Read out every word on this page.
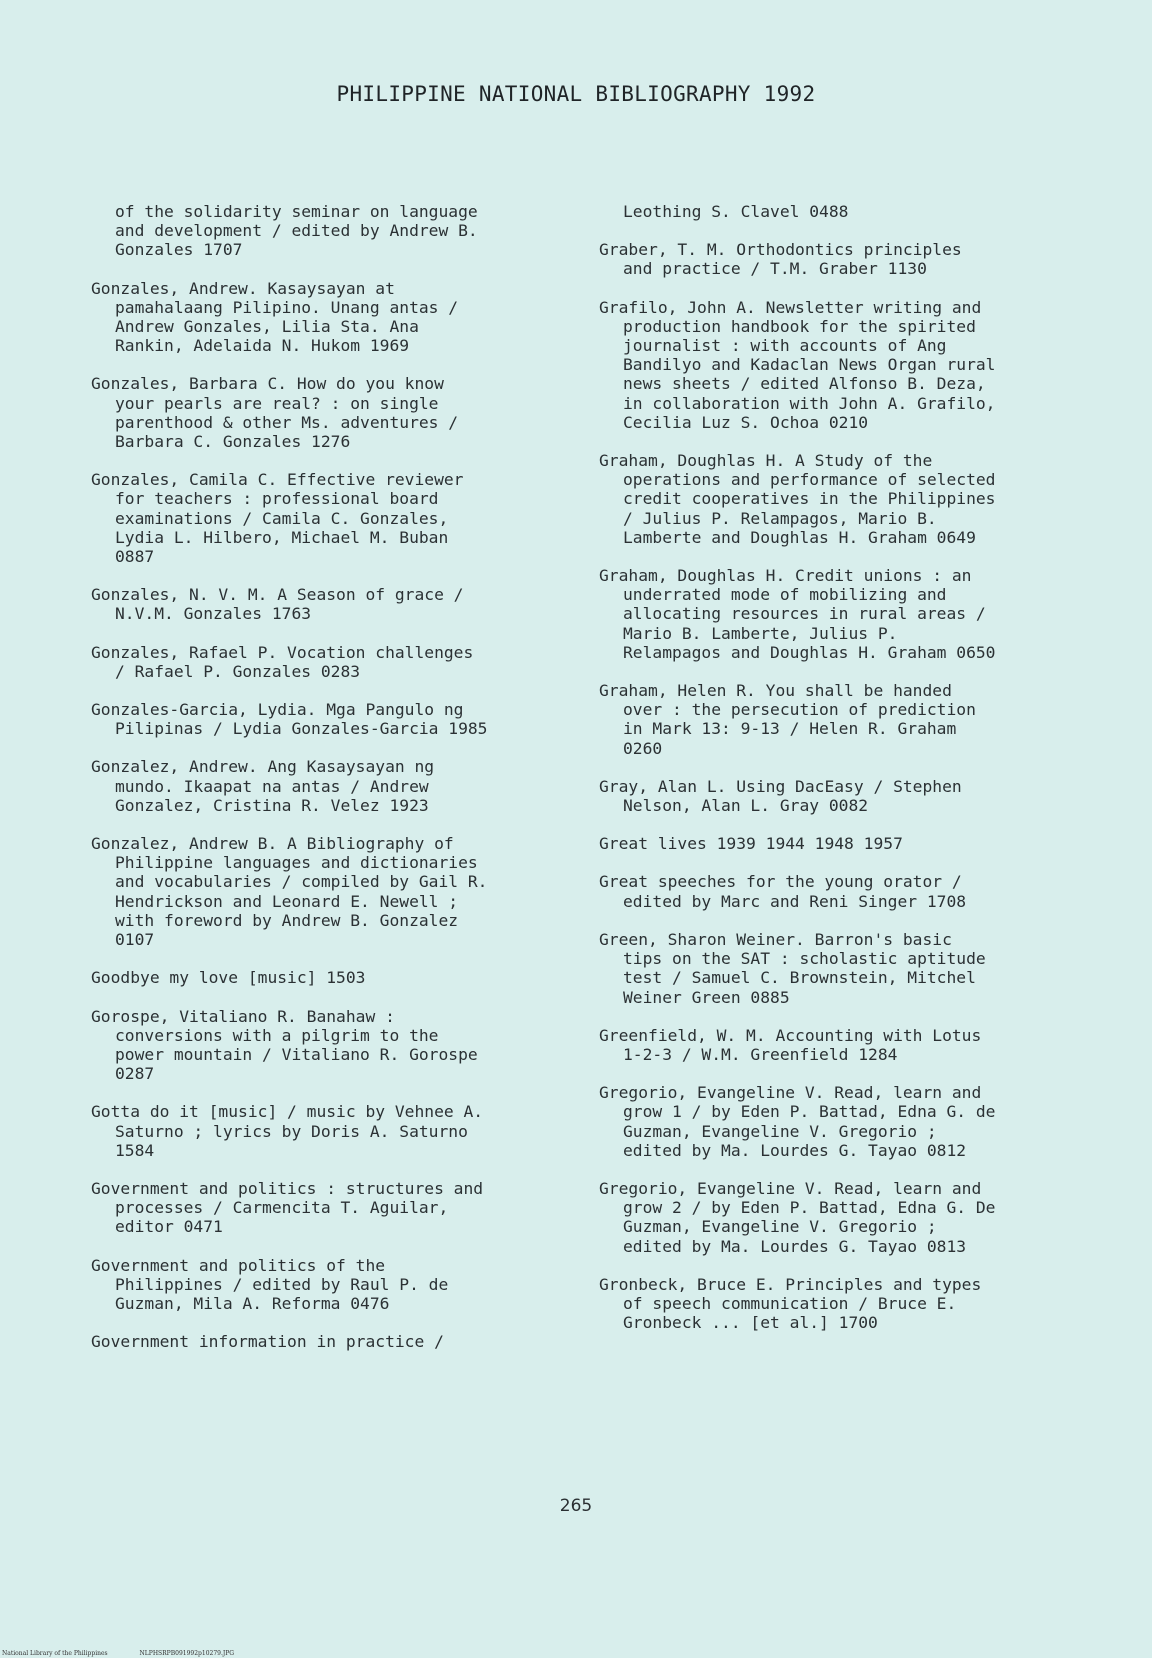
PHILIPPINE NATIONAL BIBLIOGRAPHY 1992

of the solidarity seminar on language
and development / edited by Andrew B.
Gonzales 1707

Gonzales, Andrew. Kasaysayan at
pamahalaang Pilipino. Unang antas /
Andrew Gonzales, Lilia Sta. Ana
Rankin, Adelaida N. Hukom 1969

Gonzales, Barbara C. How do you know
your pearls are real? : on single
parenthood & other Ms. adventures /
Barbara C. Gonzales 1276

Gonzales, Camila C. Effective reviewer
for teachers : professional board
examinations / Camila C. Gonzales,
Lydia L. Hilbero, Michael M. Buban
0887

Gonzales, N. V. M. A Season of grace /
N.V.M. Gonzales 1763

Gonzales, Rafael P. Vocation challenges
/ Rafael P. Gonzales 0283

Gonzales-Garcia, Lydia. Mga Pangulo ng
Pilipinas / Lydia Gonzales-Garcia 1985

Gonzalez, Andrew. Ang Kasaysayan ng
mundo. Ikaapat na antas / Andrew
Gonzalez, Cristina R. Velez 1923

Gonzalez, Andrew B. A Bibliography of
Philippine languages and dictionaries
and vocabularies / compiled by Gail R.
Hendrickson and Leonard E. Newell ;
with foreword by Andrew B. Gonzalez
0107

Goodbye my love [music] 1503

Gorospe, Vitaliano R. Banahaw :
conversions with a pilgrim to the
power mountain / Vitaliano R. Gorospe
0287

Gotta do it [music] / music by Vehnee A.
Saturno ; lyrics by Doris A. Saturno
1584

Government and politics : structures and
processes / Carmencita T. Aguilar,
editor 0471

Government and politics of the
Philippines / edited by Raul P. de
Guzman, Mila A. Reforma 0476

Government information in practice /

Leothing S. Clavel 0488

Graber, T. M. Orthodontics principles
and practice / T.M. Graber 1130

Grafilo, John A. Newsletter writing and
production handbook for the spirited
journalist : with accounts of Ang
Bandilyo and Kadaclan News Organ rural
news sheets / edited Alfonso B. Deza,
in collaboration with John A. Grafilo,
Cecilia Luz S. Ochoa 0210

Graham, Doughlas H. A Study of the
operations and performance of selected
credit cooperatives in the Philippines
/ Julius P. Relampagos, Mario B.
Lamberte and Doughlas H. Graham 0649

Graham, Doughlas H. Credit unions : an
underrated mode of mobilizing and
allocating resources in rural areas /
Mario B. Lamberte, Julius P.
Relampagos and Doughlas H. Graham 0650

Graham, Helen R. You shall be handed
over : the persecution of prediction
in Mark 13: 9-13 / Helen R. Graham
0260

Gray, Alan L. Using DacEasy / Stephen
Nelson, Alan L. Gray 0082

Great lives 1939 1944 1948 1957

Great speeches for the young orator /
edited by Marc and Reni Singer 1708

Green, Sharon Weiner. Barron's basic
tips on the SAT : scholastic aptitude
test / Samuel C. Brownstein, Mitchel
Weiner Green 0885

Greenfield, W. M. Accounting with Lotus
1-2-3 / W.M. Greenfield 1284

Gregorio, Evangeline V. Read, learn and
grow 1 / by Eden P. Battad, Edna G. de
Guzman, Evangeline V. Gregorio ;
edited by Ma. Lourdes G. Tayao 0812

Gregorio, Evangeline V. Read, learn and
grow 2 / by Eden P. Battad, Edna G. De
Guzman, Evangeline V. Gregorio ;
edited by Ma. Lourdes G. Tayao 0813

Gronbeck, Bruce E. Principles and types
of speech communication / Bruce E.
Gronbeck ... [et al.] 1700

265
National Library of the Philippines	NLPHSRPB091992p10279.JPG
